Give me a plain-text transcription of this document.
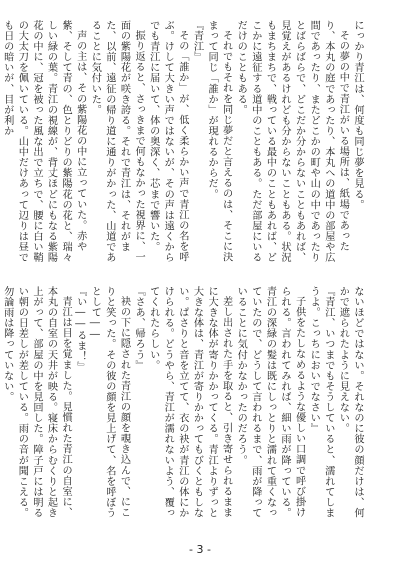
にっかり青江は、何度も同じ夢を見る。
その夢の中で青江がいる場所は、紙場であったり、本丸の庭であったり、本丸への道中の部屋や広間であったり、またどこかの町や山の中であったりとばらばらで、どこだか分からないこともあれば、見覚えがあるけれども分からないこともある。状況もまちまちで、戦っている最中のこともあれば、どこかに遠征する道中のこともある。ただ部屋にいるだけのこともある。
それでもそれを同じ夢だと言えるのは、そこに決まって同じ「誰か」が現れるからだ。
『青江』
その「誰か」が、低く柔らかい声で青江の名を呼ぶ。けして大きい声ではないが、その声は遠くからでも青江に届いて、体の奥深く、芯まで響いた。
振り返ると、さっきまで何もなかった視界に、一面の紫陽花が咲き誇る。それで青江は、それがまた、以前、遠征の帰り道に通りがかった、山道であることに気付いた。
声の主は、その紫陽花の中に立っていた。赤や紫、そして青の、色とりどりの紫陽花の花と、瑞々しい緑の葉。青江の視線が、背丈ほどにもなる紫陽花の中に、冠を被った風な出で立ちで、腰に白い鞘の大太刀を佩いている。山中だけあって辺りは昼でも日の暗いが、目が利か
ないほどではない。それなのに彼の顔だけは、何かで遮られたように見えない。
『青江、いつまでもそうしていると、濡れてしまうよ。こっちにおいでなさい』
子供をたしなめるような優しい口調で呼び掛けられる。言われてみれば、細い雨が降っている。青江の深緑の髪は既にしっとりと濡れて重くなっていたので、どうして言われるまで、雨が降っていることに気付かなかったのだろう。
差し出された手を取ると、引き寄せられるままに大きな体が寄りかかってくる。青江よりずっと大きな体は、青江が寄りかかってもびくともしない。ぱさりと音を立てて、衣の袂が青江の体にかけられる。どうやら、青江が濡れないよう、覆ってくれたらしい。
『さあ、帰ろう』
袂の下に隠された青江の顔を覗き込んで、にこりと笑った。その彼の顔を見上げて、名を呼ぼうとして――
『い――るま！』
青江は目を覚ました。見慣れた青江の自室に、本丸の自室の天井が映る。寝床からむくりと起き上がって、部屋の中を見回した。障子戸には明るい朝の日差しが差している。雨の音が聞こえる。勿論雨は降っていない。
- 3 -
